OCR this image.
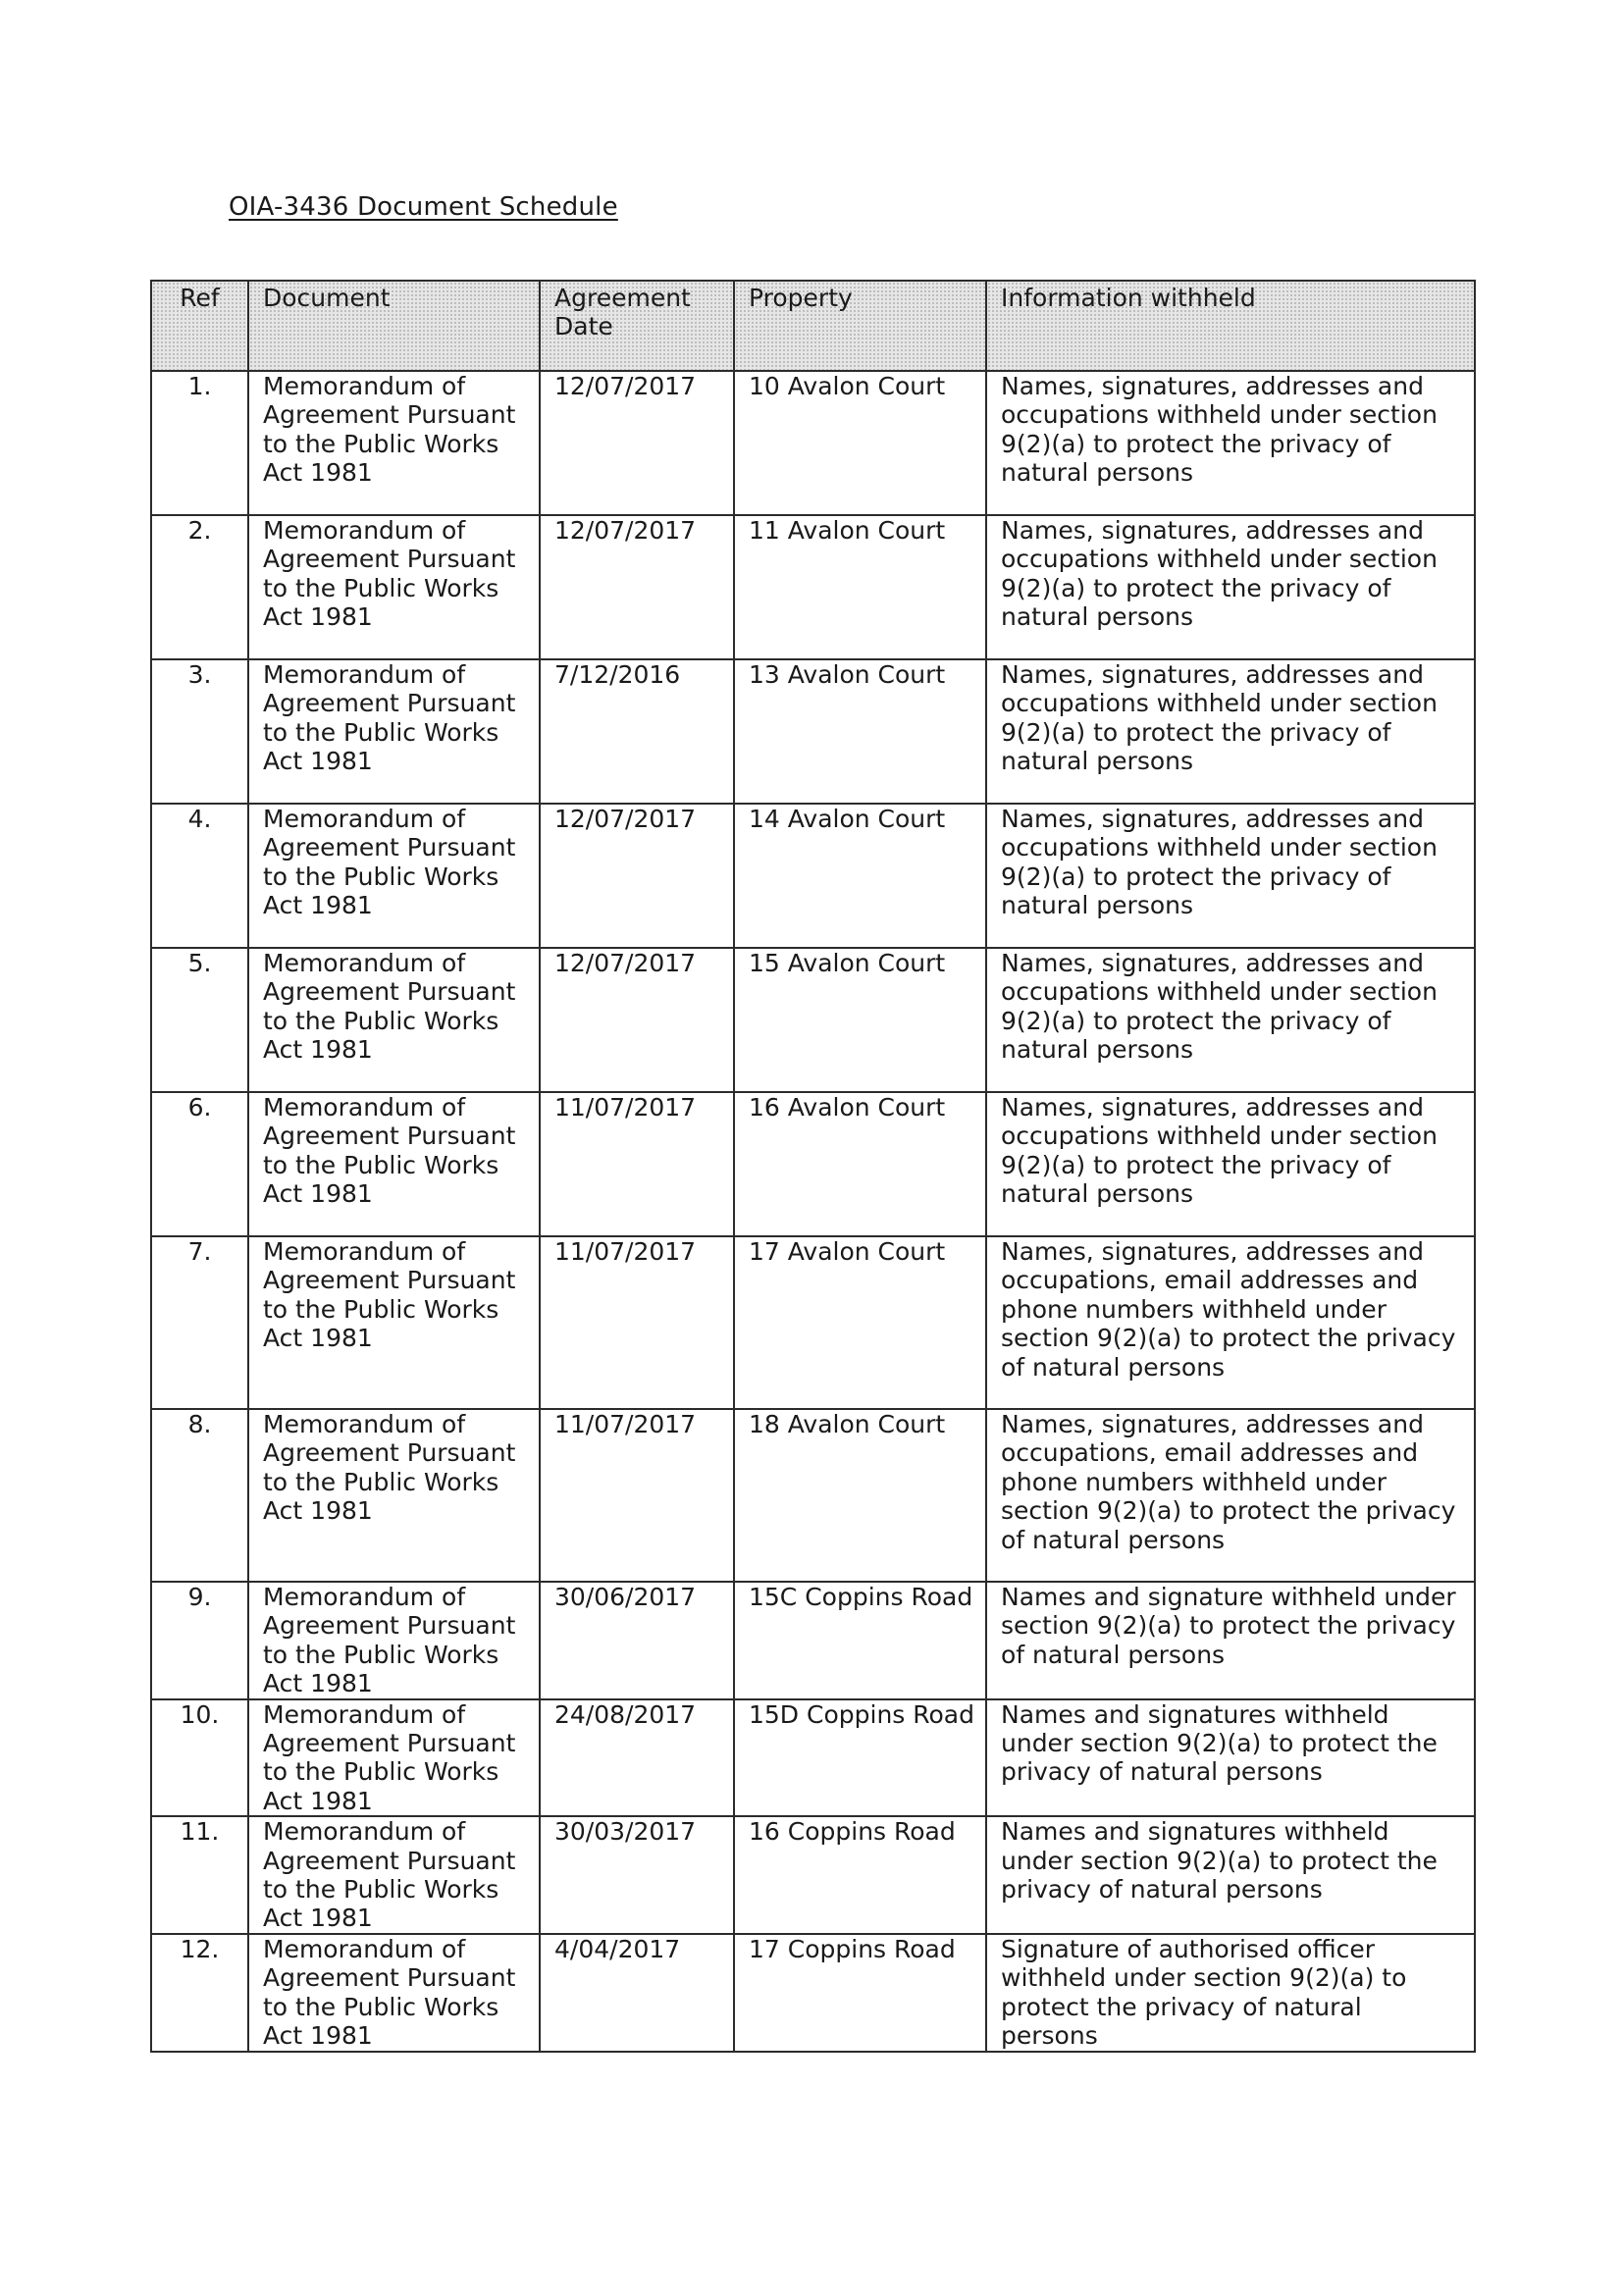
OIA-3436 Document Schedule
Ref	Document	Agreement Date	Property	Information withheld
1.	Memorandum of Agreement Pursuant to the Public Works Act 1981	12/07/2017	10 Avalon Court	Names, signatures, addresses and occupations withheld under section 9(2)(a) to protect the privacy of natural persons
2.	Memorandum of Agreement Pursuant to the Public Works Act 1981	12/07/2017	11 Avalon Court	Names, signatures, addresses and occupations withheld under section 9(2)(a) to protect the privacy of natural persons
3.	Memorandum of Agreement Pursuant to the Public Works Act 1981	7/12/2016	13 Avalon Court	Names, signatures, addresses and occupations withheld under section 9(2)(a) to protect the privacy of natural persons
4.	Memorandum of Agreement Pursuant to the Public Works Act 1981	12/07/2017	14 Avalon Court	Names, signatures, addresses and occupations withheld under section 9(2)(a) to protect the privacy of natural persons
5.	Memorandum of Agreement Pursuant to the Public Works Act 1981	12/07/2017	15 Avalon Court	Names, signatures, addresses and occupations withheld under section 9(2)(a) to protect the privacy of natural persons
6.	Memorandum of Agreement Pursuant to the Public Works Act 1981	11/07/2017	16 Avalon Court	Names, signatures, addresses and occupations withheld under section 9(2)(a) to protect the privacy of natural persons
7.	Memorandum of Agreement Pursuant to the Public Works Act 1981	11/07/2017	17 Avalon Court	Names, signatures, addresses and occupations, email addresses and phone numbers withheld under section 9(2)(a) to protect the privacy of natural persons
8.	Memorandum of Agreement Pursuant to the Public Works Act 1981	11/07/2017	18 Avalon Court	Names, signatures, addresses and occupations, email addresses and phone numbers withheld under section 9(2)(a) to protect the privacy of natural persons
9.	Memorandum of Agreement Pursuant to the Public Works Act 1981	30/06/2017	15C Coppins Road	Names and signature withheld under section 9(2)(a) to protect the privacy of natural persons
10.	Memorandum of Agreement Pursuant to the Public Works Act 1981	24/08/2017	15D Coppins Road	Names and signatures withheld under section 9(2)(a) to protect the privacy of natural persons
11.	Memorandum of Agreement Pursuant to the Public Works Act 1981	30/03/2017	16 Coppins Road	Names and signatures withheld under section 9(2)(a) to protect the privacy of natural persons
12.	Memorandum of Agreement Pursuant to the Public Works Act 1981	4/04/2017	17 Coppins Road	Signature of authorised officer withheld under section 9(2)(a) to protect the privacy of natural persons
